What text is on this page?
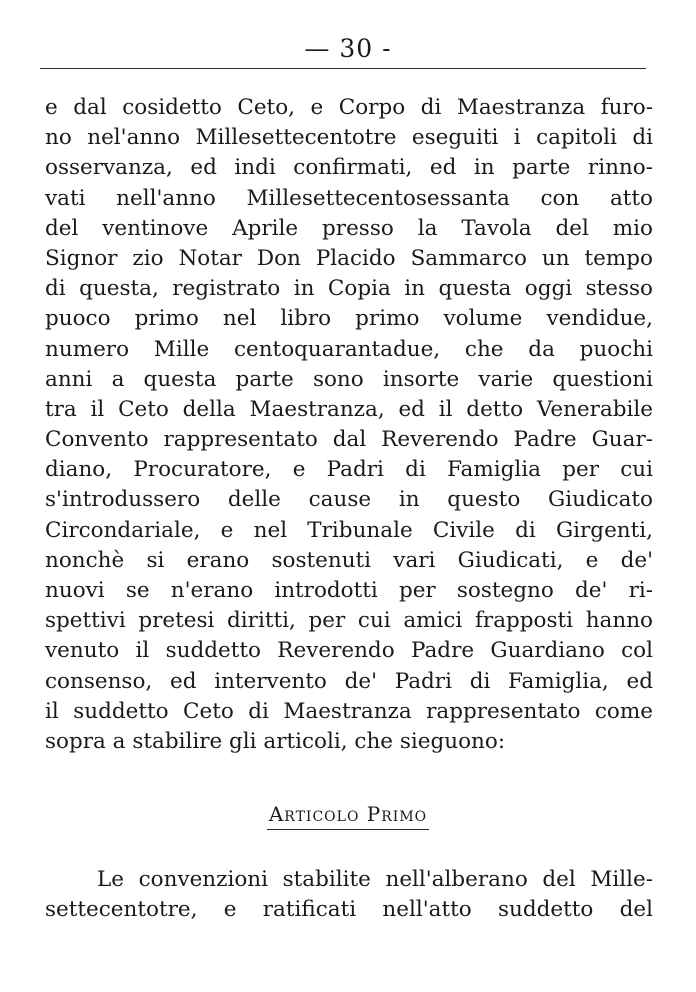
— 30 -
e dal cosidetto Ceto, e Corpo di Maestranza furo-
no nel'anno Millesettecentotre eseguiti i capitoli di
osservanza, ed indi confirmati, ed in parte rinno-
vati nell'anno Millesettecentosessanta con atto
del ventinove Aprile presso la Tavola del mio
Signor zio Notar Don Placido Sammarco un tempo
di questa, registrato in Copia in questa oggi stesso
puoco primo nel libro primo volume vendidue,
numero Mille centoquarantadue, che da puochi
anni a questa parte sono insorte varie questioni
tra il Ceto della Maestranza, ed il detto Venerabile
Convento rappresentato dal Reverendo Padre Guar-
diano, Procuratore, e Padri di Famiglia per cui
s'introdussero delle cause in questo Giudicato
Circondariale, e nel Tribunale Civile di Girgenti,
nonchè si erano sostenuti vari Giudicati, e de'
nuovi se n'erano introdotti per sostegno de' ri-
spettivi pretesi diritti, per cui amici frapposti hanno
venuto il suddetto Reverendo Padre Guardiano col
consenso, ed intervento de' Padri di Famiglia, ed
il suddetto Ceto di Maestranza rappresentato come
sopra a stabilire gli articoli, che sieguono:
Articolo Primo
Le convenzioni stabilite nell'alberano del Mille-
settecentotre, e ratificati nell'atto suddetto del
